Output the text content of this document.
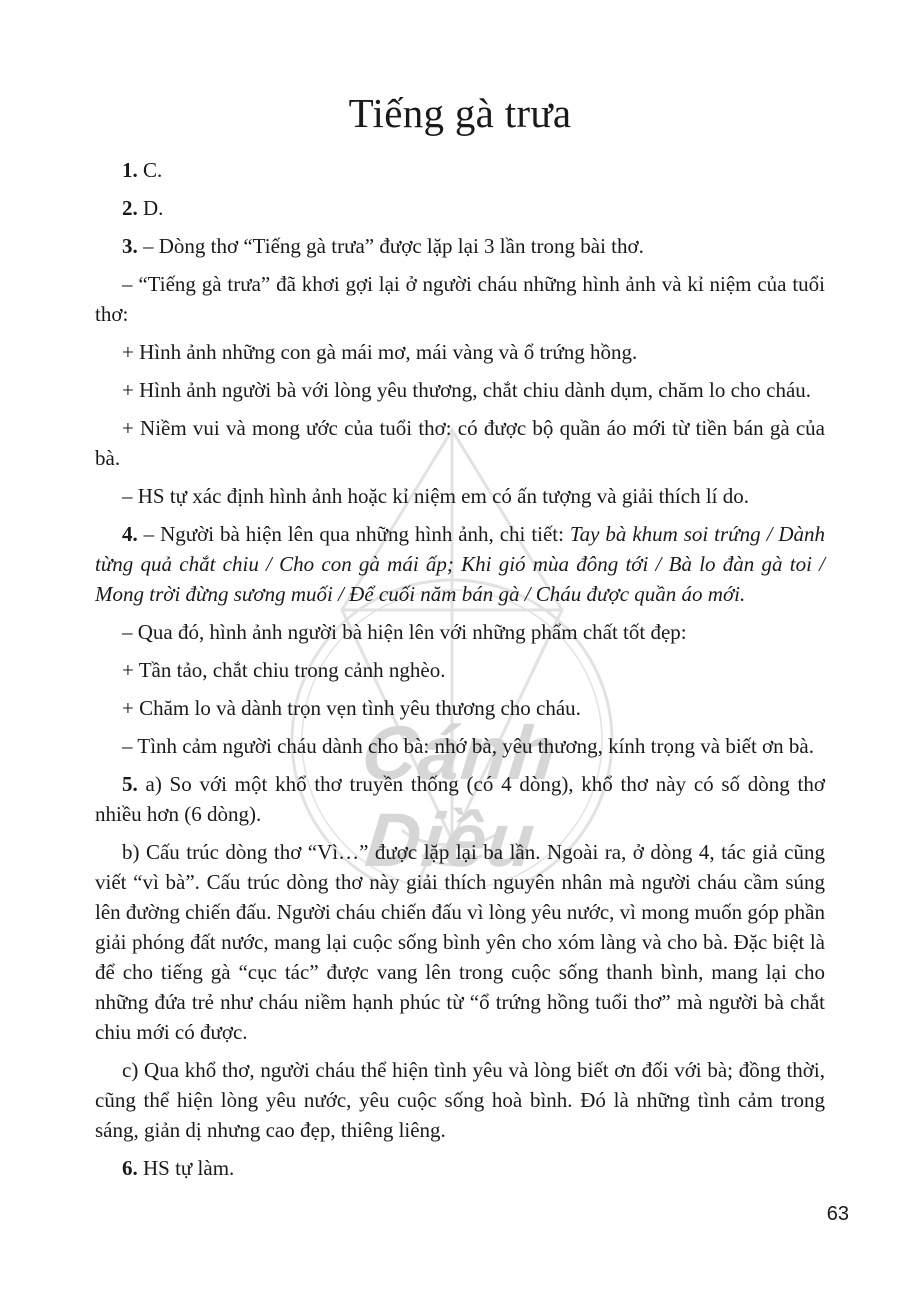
Cánh Diều
Tiếng gà trưa

1. C.

2. D.

3. – Dòng thơ “Tiếng gà trưa” được lặp lại 3 lần trong bài thơ.

– “Tiếng gà trưa” đã khơi gợi lại ở người cháu những hình ảnh và kỉ niệm của tuổi thơ:

+ Hình ảnh những con gà mái mơ, mái vàng và ổ trứng hồng.

+ Hình ảnh người bà với lòng yêu thương, chắt chiu dành dụm, chăm lo cho cháu.

+ Niềm vui và mong ước của tuổi thơ: có được bộ quần áo mới từ tiền bán gà của bà.

– HS tự xác định hình ảnh hoặc kỉ niệm em có ấn tượng và giải thích lí do.

4. – Người bà hiện lên qua những hình ảnh, chi tiết: Tay bà khum soi trứng / Dành từng quả chắt chiu / Cho con gà mái ấp; Khi gió mùa đông tới / Bà lo đàn gà toi / Mong trời đừng sương muối / Để cuối năm bán gà / Cháu được quần áo mới.

– Qua đó, hình ảnh người bà hiện lên với những phẩm chất tốt đẹp:

+ Tần tảo, chắt chiu trong cảnh nghèo.

+ Chăm lo và dành trọn vẹn tình yêu thương cho cháu.

– Tình cảm người cháu dành cho bà: nhớ bà, yêu thương, kính trọng và biết ơn bà.

5. a) So với một khổ thơ truyền thống (có 4 dòng), khổ thơ này có số dòng thơ nhiều hơn (6 dòng).

b) Cấu trúc dòng thơ “Vì…” được lặp lại ba lần. Ngoài ra, ở dòng 4, tác giả cũng viết “vì bà”. Cấu trúc dòng thơ này giải thích nguyên nhân mà người cháu cầm súng lên đường chiến đấu. Người cháu chiến đấu vì lòng yêu nước, vì mong muốn góp phần giải phóng đất nước, mang lại cuộc sống bình yên cho xóm làng và cho bà. Đặc biệt là để cho tiếng gà “cục tác” được vang lên trong cuộc sống thanh bình, mang lại cho những đứa trẻ như cháu niềm hạnh phúc từ “ổ trứng hồng tuổi thơ” mà người bà chắt chiu mới có được.

c) Qua khổ thơ, người cháu thể hiện tình yêu và lòng biết ơn đối với bà; đồng thời, cũng thể hiện lòng yêu nước, yêu cuộc sống hoà bình. Đó là những tình cảm trong sáng, giản dị nhưng cao đẹp, thiêng liêng.

6. HS tự làm.

63
